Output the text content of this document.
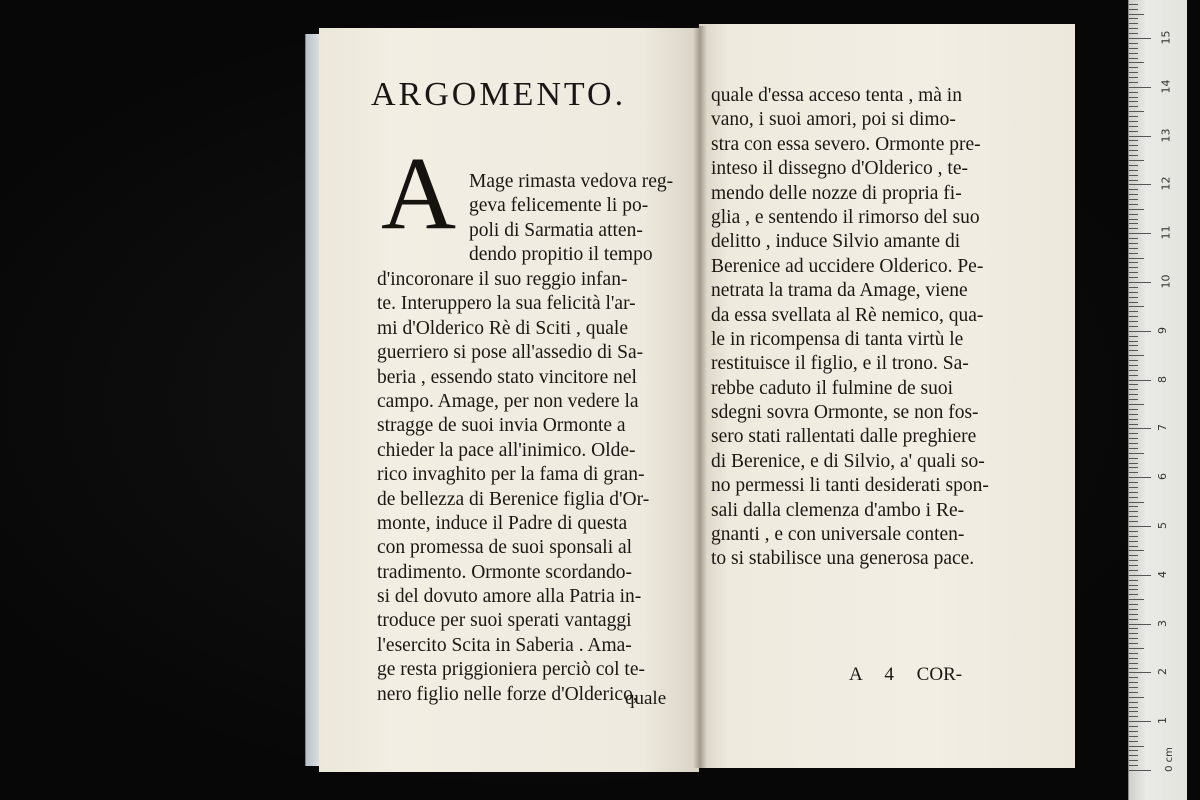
ARGOMENTO.
A Mage rimasta vedova reg-
geva felicemente li po-
poli di Sarmatia atten-
dendo propitio il tempo
d'incoronare il suo reggio infan-
te. Interuppero la sua felicità l'ar-
mi d'Olderico Rè di Sciti , quale
guerriero si pose all'assedio di Sa-
beria , essendo stato vincitore nel
campo. Amage, per non vedere la
stragge de suoi invia Ormonte a
chieder la pace all'inimico. Olde-
rico invaghito per la fama di gran-
de bellezza di Berenice figlia d'Or-
monte, induce il Padre di questa
con promessa de suoi sponsali al
tradimento. Ormonte scordando-
si del dovuto amore alla Patria in-
troduce per suoi sperati vantaggi
l'esercito Scita in Saberia . Ama-
ge resta priggioniera perciò col te-
nero figlio nelle forze d'Olderico,
quale
quale d'essa acceso tenta , mà in
vano, i suoi amori, poi si dimo-
stra con essa severo. Ormonte pre-
inteso il dissegno d'Olderico , te-
mendo delle nozze di propria fi-
glia , e sentendo il rimorso del suo
delitto , induce Silvio amante di
Berenice ad uccidere Olderico. Pe-
netrata la trama da Amage, viene
da essa svellata al Rè nemico, qua-
le in ricompensa di tanta virtù le
restituisce il figlio, e il trono. Sa-
rebbe caduto il fulmine de suoi
sdegni sovra Ormonte, se non fos-
sero stati rallentati dalle preghiere
di Berenice, e di Silvio, a' quali so-
no permessi li tanti desiderati spon-
sali dalla clemenza d'ambo i Re-
gnanti , e con universale conten-
to si stabilisce una generosa pace.
A 4 COR-
0 cm
1
2
3
4
5
6
7
8
9
10
11
12
13
14
15
